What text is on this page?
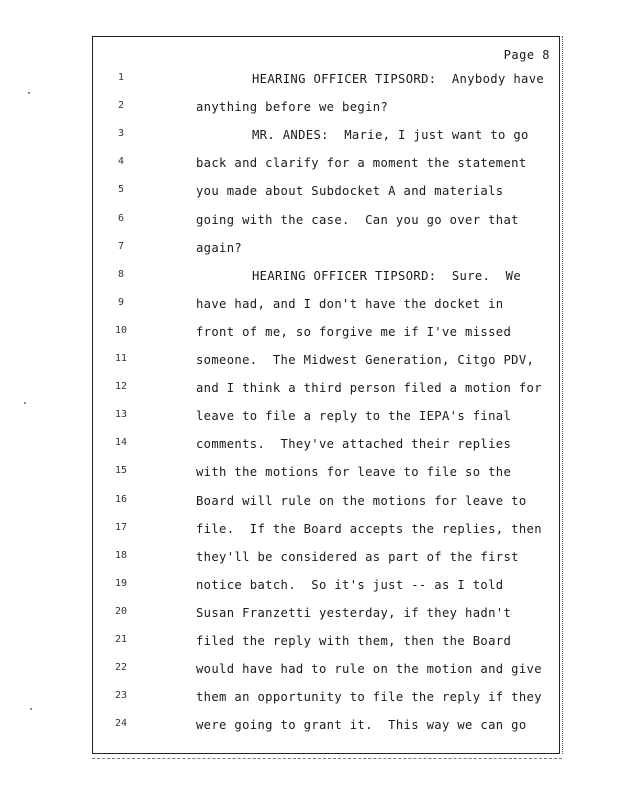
Page 8
1	HEARING OFFICER TIPSORD:  Anybody have
2	anything before we begin?
3	MR. ANDES:  Marie, I just want to go
4	back and clarify for a moment the statement
5	you made about Subdocket A and materials
6	going with the case.  Can you go over that
7	again?
8	HEARING OFFICER TIPSORD:  Sure.  We
9	have had, and I don't have the docket in
10	front of me, so forgive me if I've missed
11	someone.  The Midwest Generation, Citgo PDV,
12	and I think a third person filed a motion for
13	leave to file a reply to the IEPA's final
14	comments.  They've attached their replies
15	with the motions for leave to file so the
16	Board will rule on the motions for leave to
17	file.  If the Board accepts the replies, then
18	they'll be considered as part of the first
19	notice batch.  So it's just -- as I told
20	Susan Franzetti yesterday, if they hadn't
21	filed the reply with them, then the Board
22	would have had to rule on the motion and give
23	them an opportunity to file the reply if they
24	were going to grant it.  This way we can go
